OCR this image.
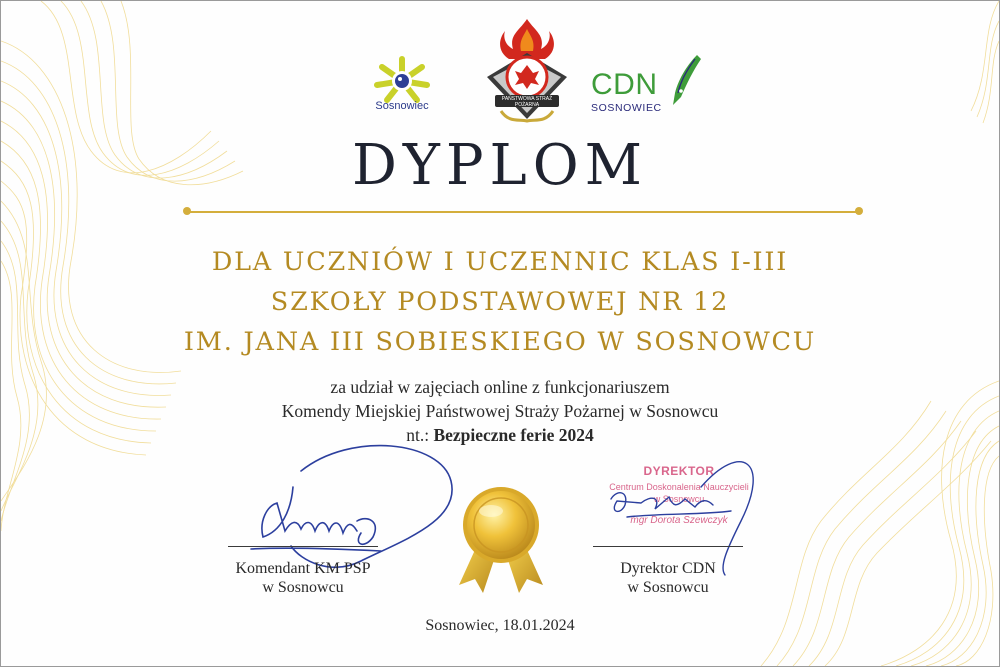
Sosnowiec
PAŃSTWOWA STRAŻ POŻARNA
CDN
SOSNOWIEC
DYPLOM
DLA UCZNIÓW I UCZENNIC KLAS I-III
SZKOŁY PODSTAWOWEJ NR 12
IM. JANA III SOBIESKIEGO W SOSNOWCU
za udział w zajęciach online z funkcjonariuszem
Komendy Miejskiej Państwowej Straży Pożarnej w Sosnowcu
nt.: Bezpieczne ferie 2024
DYREKTOR
Centrum Doskonalenia Nauczycieli
w Sosnowcu
mgr Dorota Szewczyk
Komendant KM PSP
w Sosnowcu
Dyrektor CDN
w Sosnowcu
Sosnowiec, 18.01.2024
